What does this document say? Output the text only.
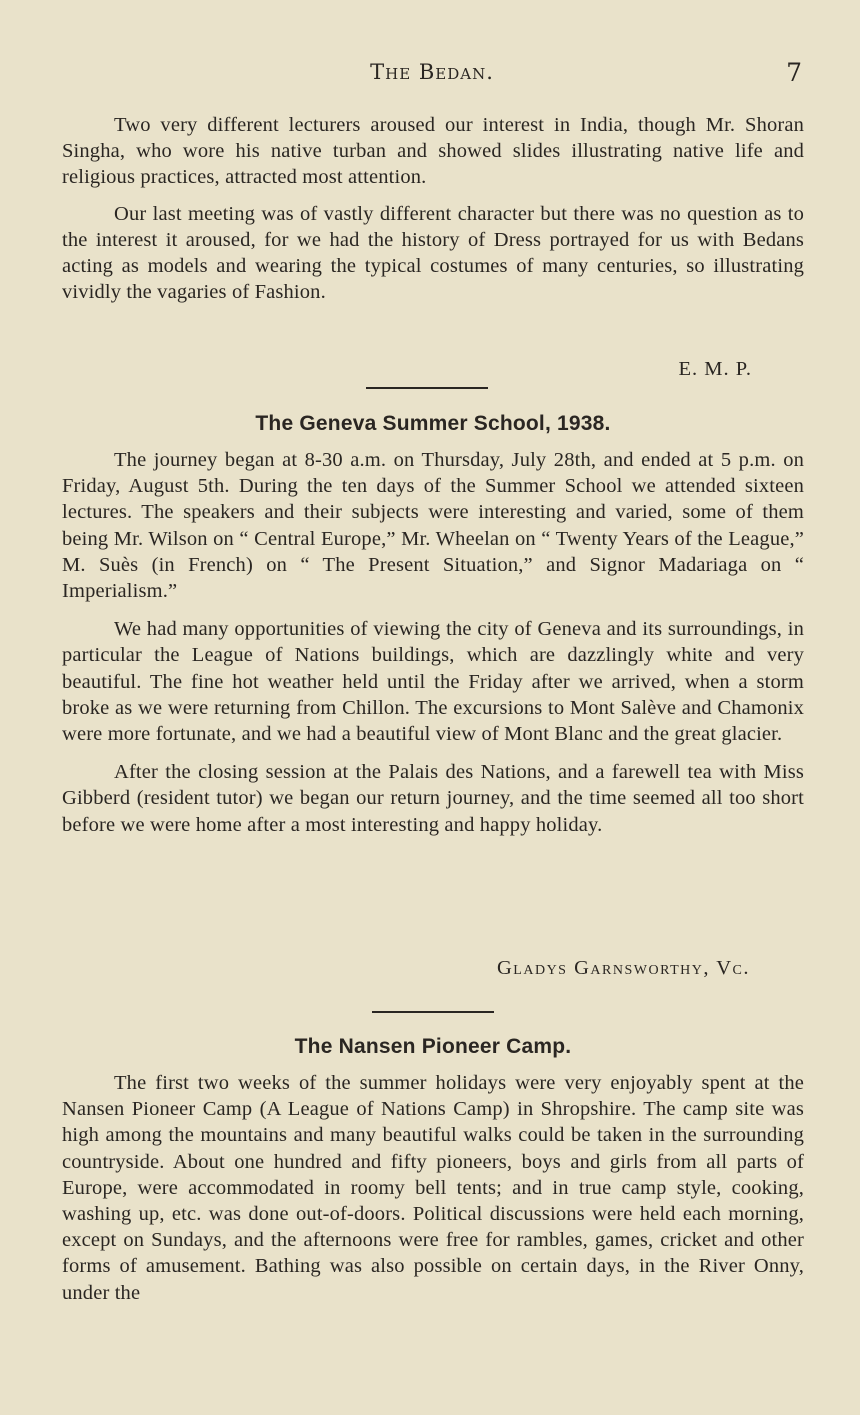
The Bedan.	7

Two very different lecturers aroused our interest in India, though Mr. Shoran Singha, who wore his native turban and showed slides illustrating native life and religious practices, attracted most attention.

Our last meeting was of vastly different character but there was no question as to the interest it aroused, for we had the history of Dress portrayed for us with Bedans acting as models and wearing the typical costumes of many centuries, so illustrating vividly the vagaries of Fashion.

E. M. P.
The Geneva Summer School, 1938.

The journey began at 8-30 a.m. on Thursday, July 28th, and ended at 5 p.m. on Friday, August 5th. During the ten days of the Summer School we attended sixteen lectures. The speakers and their subjects were interesting and varied, some of them being Mr. Wilson on “ Central Europe,” Mr. Wheelan on “ Twenty Years of the League,” M. Suès (in French) on “ The Present Situation,” and Signor Madariaga on “ Imperialism.”

We had many opportunities of viewing the city of Geneva and its surroundings, in particular the League of Nations buildings, which are dazzlingly white and very beautiful. The fine hot weather held until the Friday after we arrived, when a storm broke as we were returning from Chillon. The excursions to Mont Salève and Chamonix were more fortunate, and we had a beautiful view of Mont Blanc and the great glacier.

After the closing session at the Palais des Nations, and a farewell tea with Miss Gibberd (resident tutor) we began our return journey, and the time seemed all too short before we were home after a most interesting and happy holiday.

Gladys Garnsworthy, Vc.
The Nansen Pioneer Camp.

The first two weeks of the summer holidays were very enjoyably spent at the Nansen Pioneer Camp (A League of Nations Camp) in Shropshire. The camp site was high among the mountains and many beautiful walks could be taken in the surrounding countryside. About one hundred and fifty pioneers, boys and girls from all parts of Europe, were accommodated in roomy bell tents; and in true camp style, cooking, washing up, etc. was done out-of-doors. Political discussions were held each morning, except on Sundays, and the afternoons were free for rambles, games, cricket and other forms of amusement. Bathing was also possible on certain days, in the River Onny, under the
